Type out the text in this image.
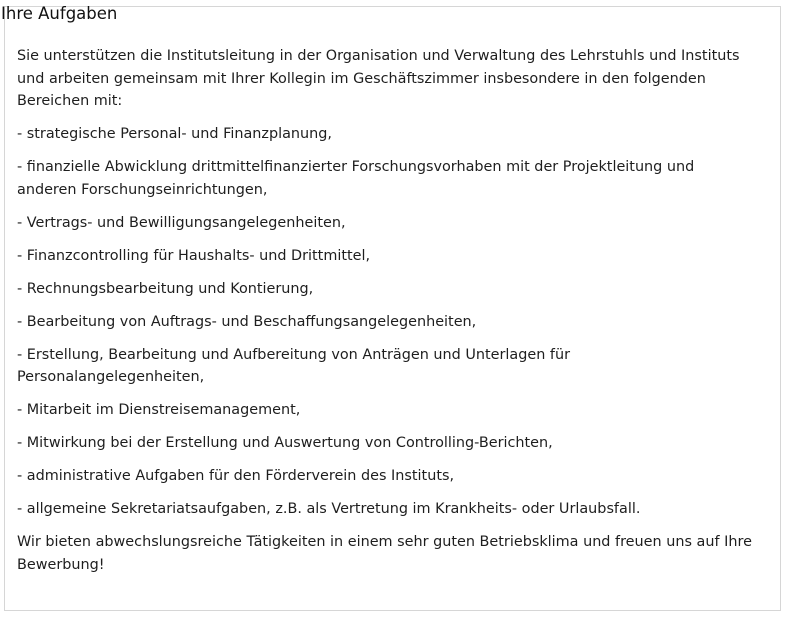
Ihre Aufgaben

Sie unterstützen die Institutsleitung in der Organisation und Verwaltung des Lehrstuhls und Instituts und arbeiten gemeinsam mit Ihrer Kollegin im Geschäftszimmer insbesondere in den folgenden Bereichen mit:

- strategische Personal- und Finanzplanung,

- finanzielle Abwicklung drittmittelfinanzierter Forschungsvorhaben mit der Projektleitung und anderen Forschungseinrichtungen,

- Vertrags- und Bewilligungsangelegenheiten,

- Finanzcontrolling für Haushalts- und Drittmittel,

- Rechnungsbearbeitung und Kontierung,

- Bearbeitung von Auftrags- und Beschaffungsangelegenheiten,

- Erstellung, Bearbeitung und Aufbereitung von Anträgen und Unterlagen für Personalangelegenheiten,

- Mitarbeit im Dienstreisemanagement,

- Mitwirkung bei der Erstellung und Auswertung von Controlling-Berichten,

- administrative Aufgaben für den Förderverein des Instituts,

- allgemeine Sekretariatsaufgaben, z.B. als Vertretung im Krankheits- oder Urlaubsfall.

Wir bieten abwechslungsreiche Tätigkeiten in einem sehr guten Betriebsklima und freuen uns auf Ihre Bewerbung!
